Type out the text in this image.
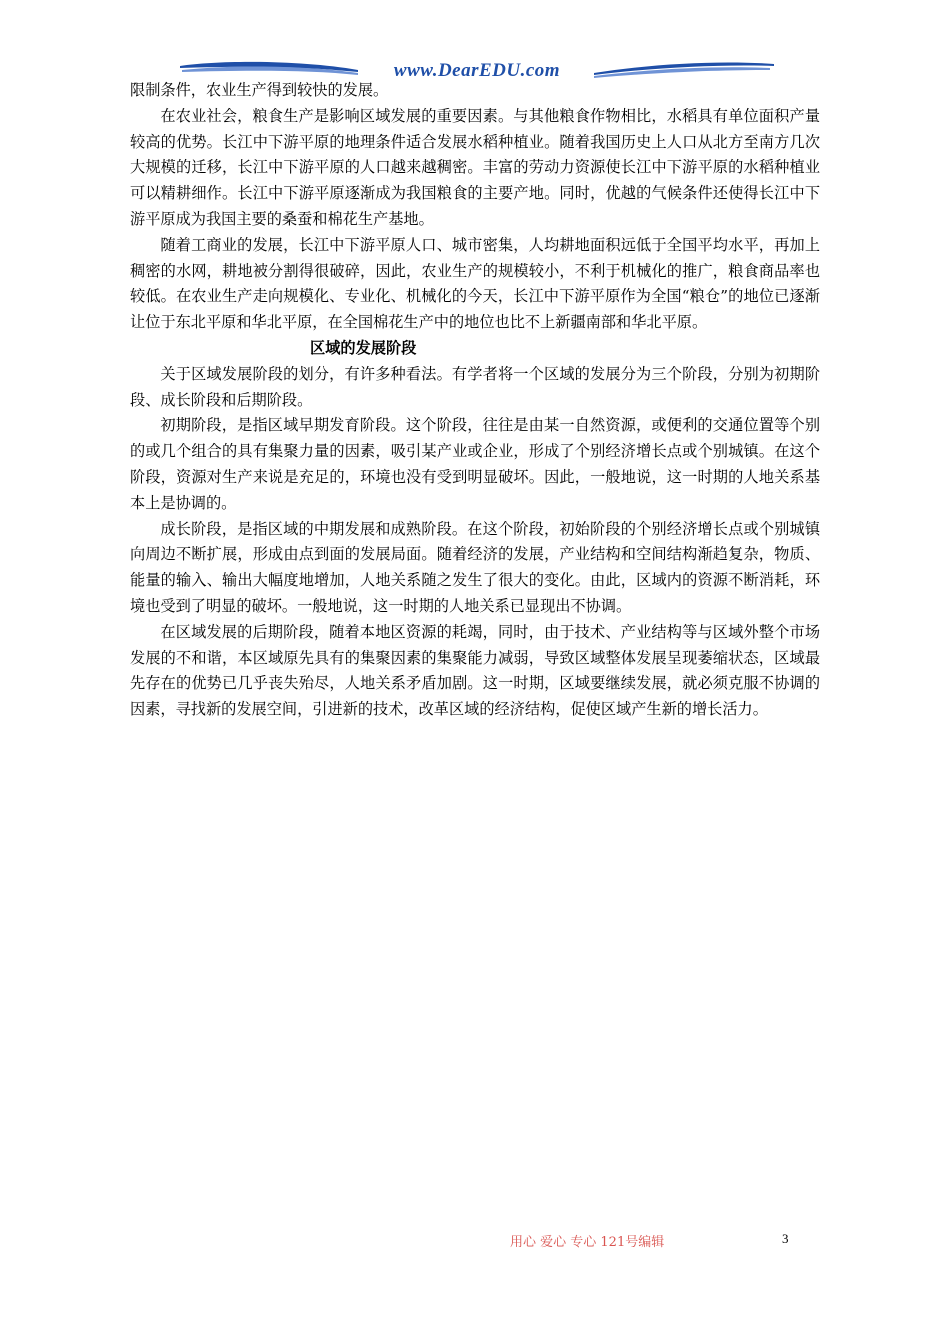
www.DearEDU.com

限制条件，农业生产得到较快的发展。

在农业社会，粮食生产是影响区域发展的重要因素。与其他粮食作物相比，水稻具有单位面积产量较高的优势。长江中下游平原的地理条件适合发展水稻种植业。随着我国历史上人口从北方至南方几次大规模的迁移，长江中下游平原的人口越来越稠密。丰富的劳动力资源使长江中下游平原的水稻种植业可以精耕细作。长江中下游平原逐渐成为我国粮食的主要产地。同时，优越的气候条件还使得长江中下游平原成为我国主要的桑蚕和棉花生产基地。

随着工商业的发展，长江中下游平原人口、城市密集，人均耕地面积远低于全国平均水平，再加上稠密的水网，耕地被分割得很破碎，因此，农业生产的规模较小，不利于机械化的推广，粮食商品率也较低。在农业生产走向规模化、专业化、机械化的今天，长江中下游平原作为全国“粮仓”的地位已逐渐让位于东北平原和华北平原，在全国棉花生产中的地位也比不上新疆南部和华北平原。

区域的发展阶段

关于区域发展阶段的划分，有许多种看法。有学者将一个区域的发展分为三个阶段，分别为初期阶段、成长阶段和后期阶段。

初期阶段，是指区域早期发育阶段。这个阶段，往往是由某一自然资源，或便利的交通位置等个别的或几个组合的具有集聚力量的因素，吸引某产业或企业，形成了个别经济增长点或个别城镇。在这个阶段，资源对生产来说是充足的，环境也没有受到明显破坏。因此，一般地说，这一时期的人地关系基本上是协调的。

成长阶段，是指区域的中期发展和成熟阶段。在这个阶段，初始阶段的个别经济增长点或个别城镇向周边不断扩展，形成由点到面的发展局面。随着经济的发展，产业结构和空间结构渐趋复杂，物质、能量的输入、输出大幅度地增加，人地关系随之发生了很大的变化。由此，区域内的资源不断消耗，环境也受到了明显的破坏。一般地说，这一时期的人地关系已显现出不协调。

在区域发展的后期阶段，随着本地区资源的耗竭，同时，由于技术、产业结构等与区域外整个市场发展的不和谐，本区域原先具有的集聚因素的集聚能力减弱，导致区域整体发展呈现萎缩状态，区域最先存在的优势已几乎丧失殆尽，人地关系矛盾加剧。这一时期，区域要继续发展，就必须克服不协调的因素，寻找新的发展空间，引进新的技术，改革区域的经济结构，促使区域产生新的增长活力。

用心 爱心 专心 121号编辑	3
